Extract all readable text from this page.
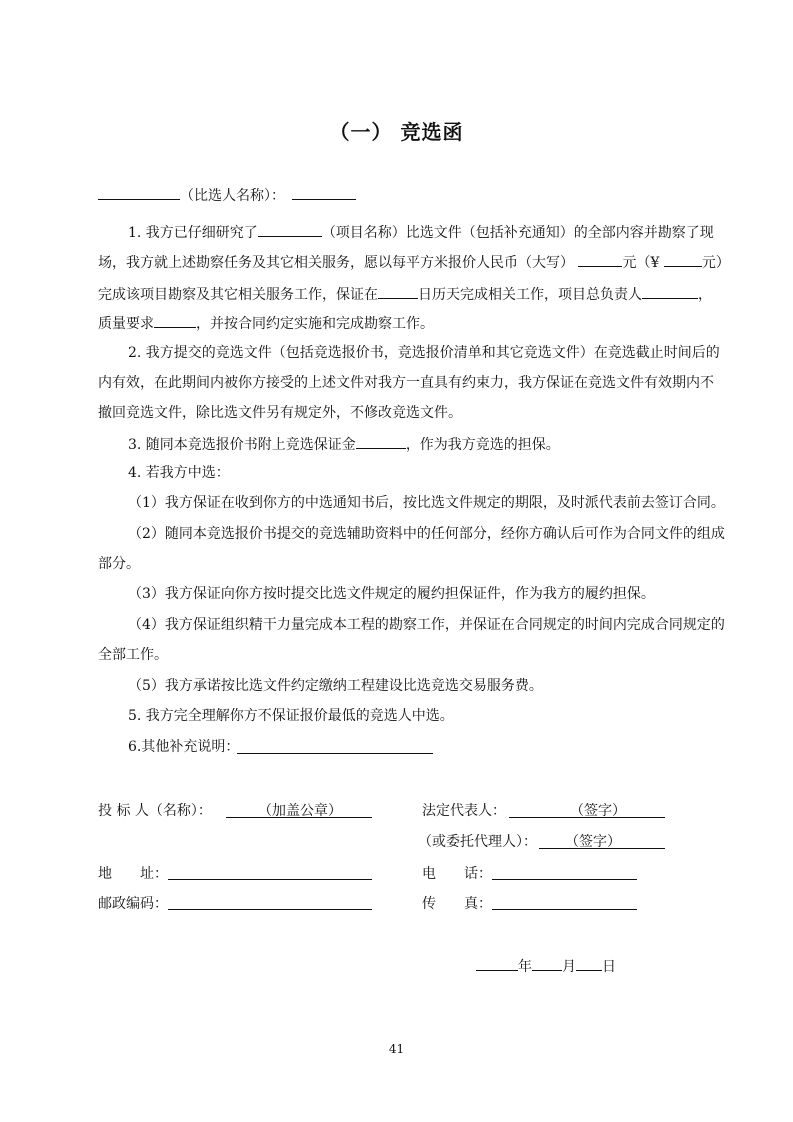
（一） 竞选函
（比选人名称）：
1. 我方已仔细研究了	（项目名称）比选文件（包括补充通知）的全部内容并勘察了现
场，我方就上述勘察任务及其它相关服务，愿以每平方米报价人民币（大写）	元（¥	元）
完成该项目勘察及其它相关服务工作，保证在	日历天完成相关工作，项目总负责人	，
质量要求	，并按合同约定实施和完成勘察工作。
2. 我方提交的竞选文件（包括竞选报价书，竞选报价清单和其它竞选文件）在竞选截止时间后的
内有效，在此期间内被你方接受的上述文件对我方一直具有约束力，我方保证在竞选文件有效期内不
撤回竞选文件，除比选文件另有规定外，不修改竞选文件。
3. 随同本竞选报价书附上竞选保证金	，作为我方竞选的担保。
4. 若我方中选：
（1）我方保证在收到你方的中选通知书后，按比选文件规定的期限，及时派代表前去签订合同。
（2）随同本竞选报价书提交的竞选辅助资料中的任何部分，经你方确认后可作为合同文件的组成
部分。
（3）我方保证向你方按时提交比选文件规定的履约担保证件，作为我方的履约担保。
（4）我方保证组织精干力量完成本工程的勘察工作，并保证在合同规定的时间内完成合同规定的
全部工作。
（5）我方承诺按比选文件约定缴纳工程建设比选竞选交易服务费。
5. 我方完全理解你方不保证报价最低的竞选人中选。
6.其他补充说明：
投 标 人（名称）：	（加盖公章）	法定代表人：	（签字）
（或委托代理人）： （签字）
地　　址：	电　　话：
邮政编码：	传　　真：
年 月 日
41
